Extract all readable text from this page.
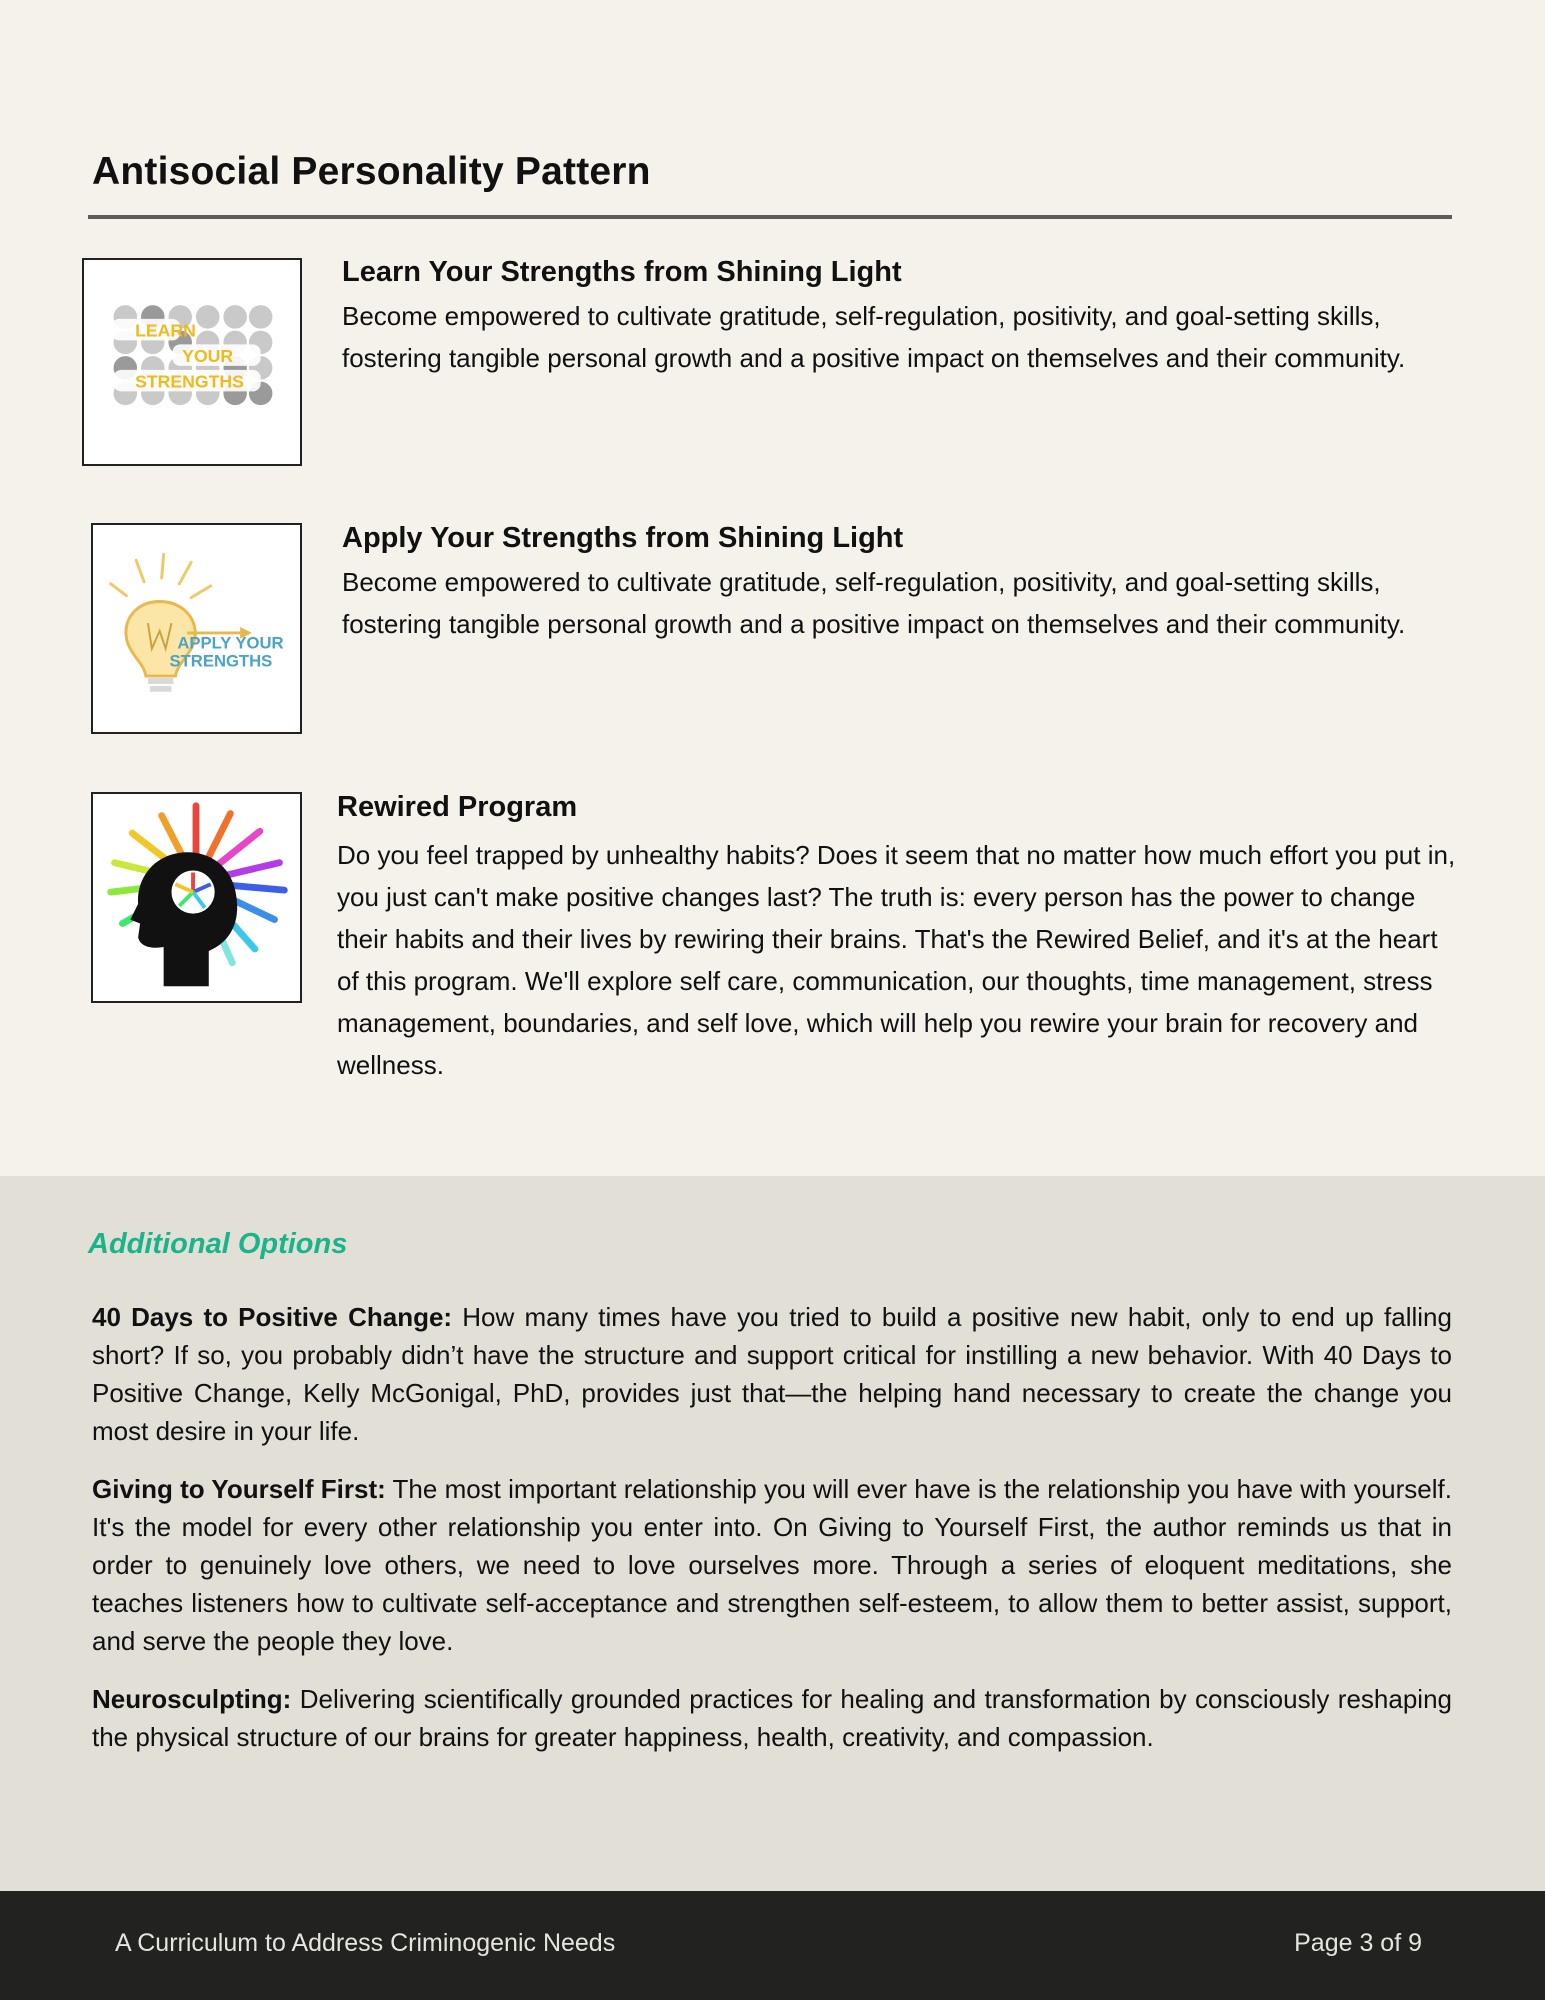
Antisocial Personality Pattern
LEARN
YOUR
STRENGTHS
Learn Your Strengths from Shining Light

Become empowered to cultivate gratitude, self-regulation, positivity, and goal-setting skills, fostering tangible personal growth and a positive impact on themselves and their community.

APPLY YOUR
STRENGTHS
Apply Your Strengths from Shining Light

Become empowered to cultivate gratitude, self-regulation, positivity, and goal-setting skills, fostering tangible personal growth and a positive impact on themselves and their community.

Rewired Program

Do you feel trapped by unhealthy habits? Does it seem that no matter how much effort you put in, you just can't make positive changes last? The truth is: every person has the power to change their habits and their lives by rewiring their brains. That's the Rewired Belief, and it's at the heart of this program. We'll explore self care, communication, our thoughts, time management, stress management, boundaries, and self love, which will help you rewire your brain for recovery and wellness.

Additional Options

40 Days to Positive Change: How many times have you tried to build a positive new habit, only to end up falling short? If so, you probably didn’t have the structure and support critical for instilling a new behavior. With 40 Days to Positive Change, Kelly McGonigal, PhD, provides just that—the helping hand necessary to create the change you most desire in your life.

Giving to Yourself First: The most important relationship you will ever have is the relationship you have with yourself. It's the model for every other relationship you enter into. On Giving to Yourself First, the author reminds us that in order to genuinely love others, we need to love ourselves more. Through a series of eloquent meditations, she teaches listeners how to cultivate self-acceptance and strengthen self-esteem, to allow them to better assist, support, and serve the people they love.

Neurosculpting: Delivering scientifically grounded practices for healing and transformation by consciously reshaping the physical structure of our brains for greater happiness, health, creativity, and compassion.

A Curriculum to Address Criminogenic Needs	Page 3 of 9
